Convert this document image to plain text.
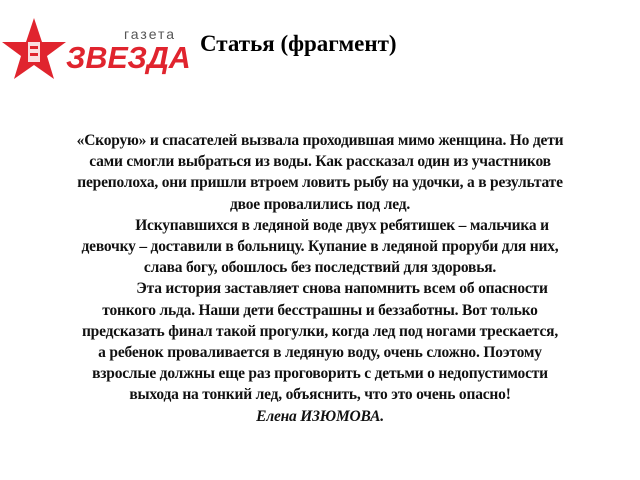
газета
ЗВЕЗДА Статья (фрагмент)
«Скорую» и спасателей вызвала проходившая мимо женщина. Но дети
сами смогли выбраться из воды. Как рассказал один из участников
переполоха, они пришли втроем ловить рыбу на удочки, а в результате
двое провалились под лед.
Искупавшихся в ледяной воде двух ребятишек – мальчика и
девочку – доставили в больницу. Купание в ледяной проруби для них,
слава богу, обошлось без последствий для здоровья.
Эта история заставляет снова напомнить всем об опасности
тонкого льда. Наши дети бесстрашны и беззаботны. Вот только
предсказать финал такой прогулки, когда лед под ногами трескается,
а ребенок проваливается в ледяную воду, очень сложно. Поэтому
взрослые должны еще раз проговорить с детьми о недопустимости
выхода на тонкий лед, объяснить, что это очень опасно!
Елена ИЗЮМОВА.
